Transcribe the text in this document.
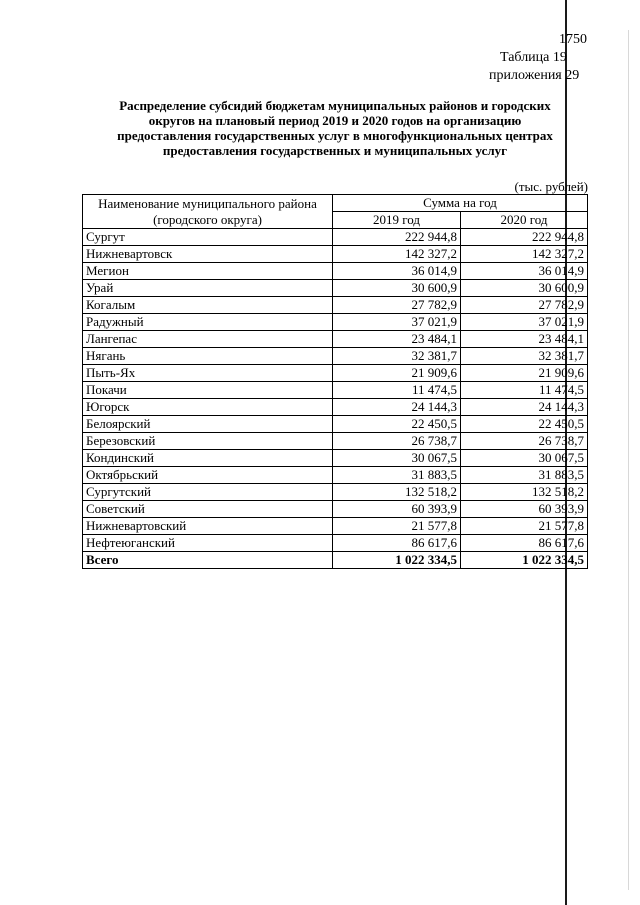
1750
Таблица 19
приложения 29
Распределение субсидий бюджетам муниципальных районов и городских
округов на плановый период 2019 и 2020 годов на организацию
предоставления государственных услуг в многофункциональных центрах
предоставления государственных и муниципальных услуг
(тыс. рублей)
Наименование муниципального района
(городского округа)	Сумма на год	
	2019 год	2020 год
Сургут	222 944,8	222 944,8
Нижневартовск	142 327,2	142 327,2
Мегион	36 014,9	36 014,9
Урай	30 600,9	30 600,9
Когалым	27 782,9	27 782,9
Радужный	37 021,9	37 021,9
Лангепас	23 484,1	23 484,1
Нягань	32 381,7	32 381,7
Пыть-Ях	21 909,6	21 909,6
Покачи	11 474,5	11 474,5
Югорск	24 144,3	24 144,3
Белоярский	22 450,5	22 450,5
Березовский	26 738,7	26 738,7
Кондинский	30 067,5	30 067,5
Октябрьский	31 883,5	31 883,5
Сургутский	132 518,2	132 518,2
Советский	60 393,9	60 393,9
Нижневартовский	21 577,8	21 577,8
Нефтеюганский	86 617,6	86 617,6
Всего	1 022 334,5	1 022 334,5
